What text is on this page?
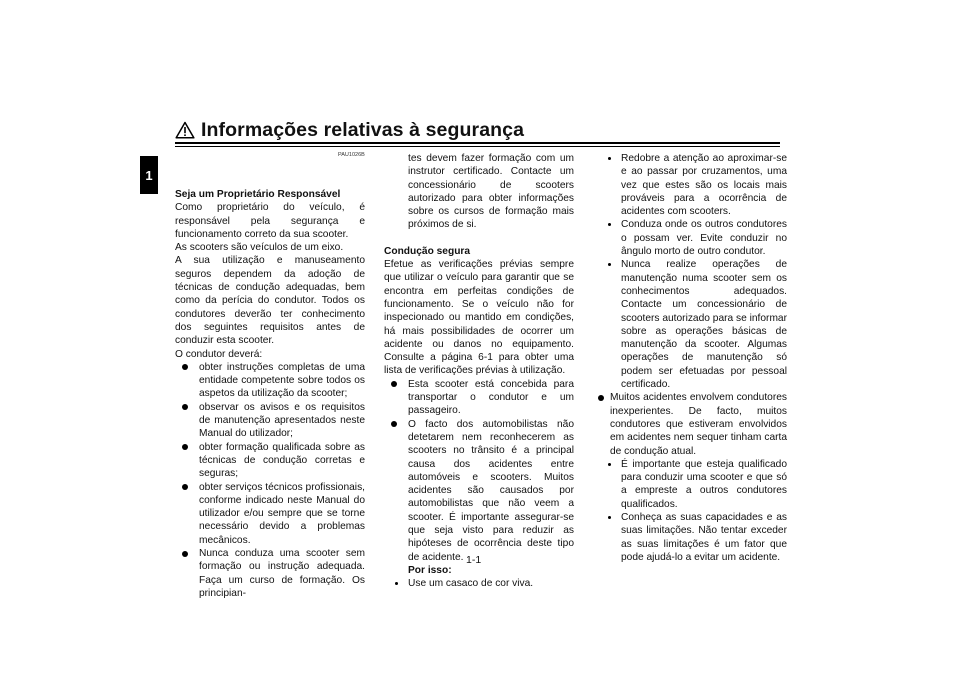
1
Informações relativas à segurança
PAU1026B

Seja um Proprietário Responsável

Como proprietário do veículo, é responsável pela segurança e funcionamento correto da sua scooter.

As scooters são veículos de um eixo.

A sua utilização e manuseamento seguros dependem da adoção de técnicas de condução adequadas, bem como da perícia do condutor. Todos os condutores deverão ter conhecimento dos seguintes requisitos antes de conduzir esta scooter.

O condutor deverá:

obter instruções completas de uma entidade competente sobre todos os aspetos da utilização da scooter;
observar os avisos e os requisitos de manutenção apresentados neste Manual do utilizador;
obter formação qualificada sobre as técnicas de condução corretas e seguras;
obter serviços técnicos profissionais, conforme indicado neste Manual do utilizador e/ou sempre que se torne necessário devido a problemas mecânicos.
Nunca conduza uma scooter sem formação ou instrução adequada. Faça um curso de formação. Os principian-

tes devem fazer formação com um instrutor certificado. Contacte um concessionário de scooters autorizado para obter informações sobre os cursos de formação mais próximos de si.

Condução segura

Efetue as verificações prévias sempre que utilizar o veículo para garantir que se encontra em perfeitas condições de funcionamento. Se o veículo não for inspecionado ou mantido em condições, há mais possibilidades de ocorrer um acidente ou danos no equipamento. Consulte a página 6-1 para obter uma lista de verificações prévias à utilização.

Esta scooter está concebida para transportar o condutor e um passageiro.
O facto dos automobilistas não detetarem nem reconhecerem as scooters no trânsito é a principal causa dos acidentes entre automóveis e scooters. Muitos acidentes são causados por automobilistas que não veem a scooter. É importante assegurar-se que seja visto para reduzir as hipóteses de ocorrência deste tipo de acidente.

Por isso:

Use um casaco de cor viva.
Redobre a atenção ao aproximar-se e ao passar por cruzamentos, uma vez que estes são os locais mais prováveis para a ocorrência de acidentes com scooters.
Conduza onde os outros condutores o possam ver. Evite conduzir no ângulo morto de outro condutor.
Nunca realize operações de manutenção numa scooter sem os conhecimentos adequados. Contacte um concessionário de scooters autorizado para se informar sobre as operações básicas de manutenção da scooter. Algumas operações de manutenção só podem ser efetuadas por pessoal certificado.
Muitos acidentes envolvem condutores inexperientes. De facto, muitos condutores que estiveram envolvidos em acidentes nem sequer tinham carta de condução atual.
É importante que esteja qualificado para conduzir uma scooter e que só a empreste a outros condutores qualificados.
Conheça as suas capacidades e as suas limitações. Não tentar exceder as suas limitações é um fator que pode ajudá-lo a evitar um acidente.
1-1
